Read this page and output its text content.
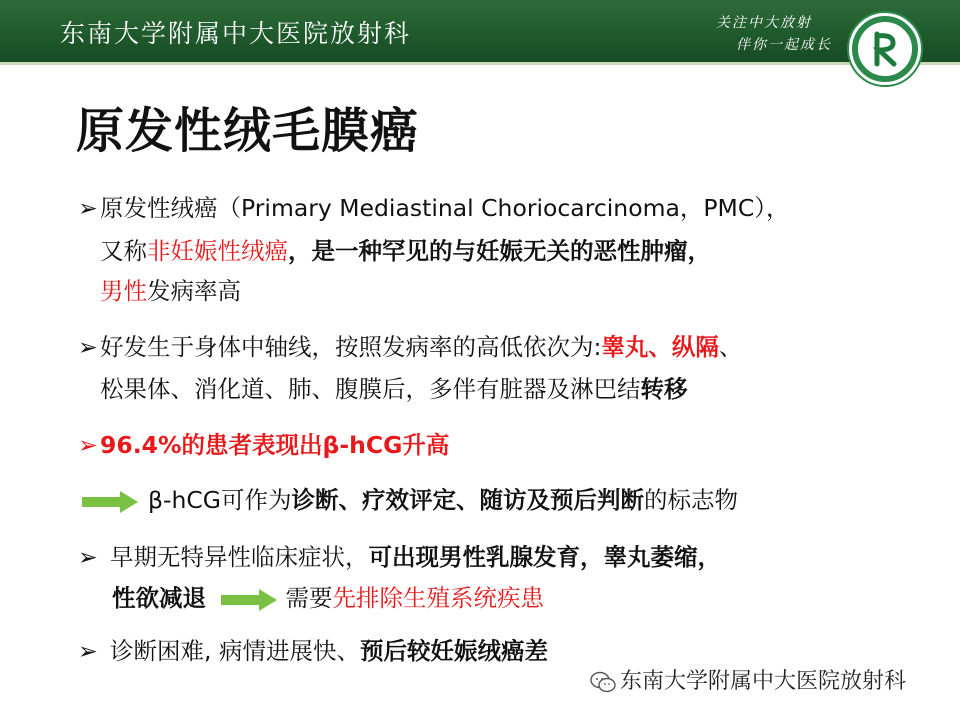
东南大学附属中大医院放射科	关注中大放射
伴你一起成长
原发性绒毛膜癌
➢原发性绒癌（Primary Mediastinal Choriocarcinoma，PMC），
又称非妊娠性绒癌，是一种罕见的与妊娠无关的恶性肿瘤，
男性发病率高
➢好发生于身体中轴线，按照发病率的高低依次为:睾丸、纵隔、
松果体、消化道、肺、腹膜后，多伴有脏器及淋巴结转移
➢96.4%的患者表现出β-hCG升高
β-hCG可作为诊断、疗效评定、随访及预后判断的标志物
➢ 早期无特异性临床症状，可出现男性乳腺发育，睾丸萎缩，
性欲减退	需要先排除生殖系统疾患
➢ 诊断困难, 病情进展快、预后较妊娠绒癌差
东南大学附属中大医院放射科
